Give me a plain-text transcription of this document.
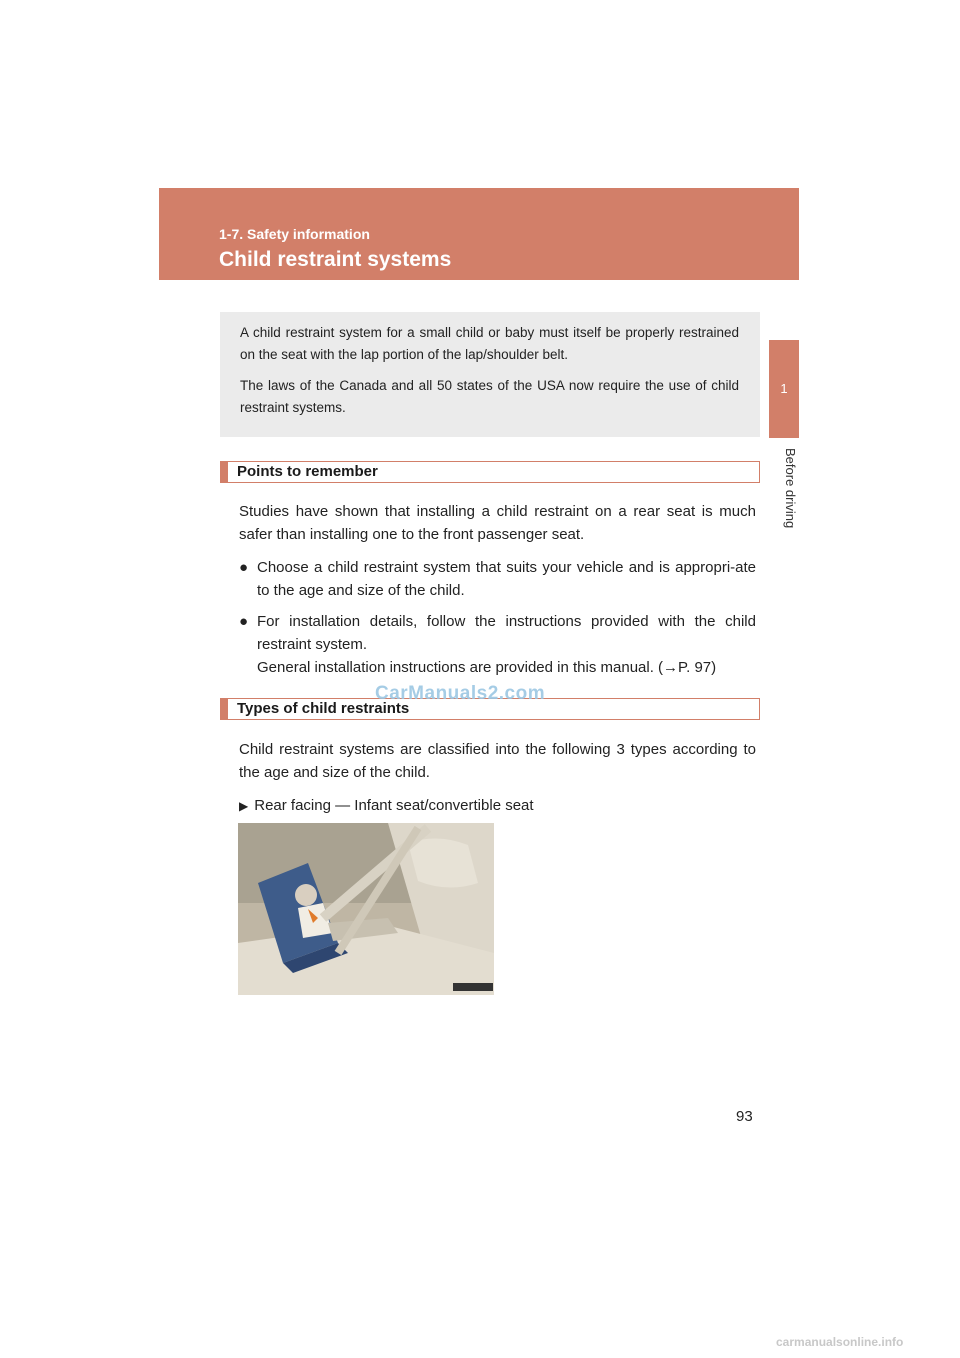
1-7. Safety information
Child restraint systems
1
Before driving

A child restraint system for a small child or baby must itself be properly restrained on the seat with the lap portion of the lap/shoulder belt.

The laws of the Canada and all 50 states of the USA now require the use of child restraint systems.

Points to remember

Studies have shown that installing a child restraint on a rear seat is much safer than installing one to the front passenger seat.

● Choose a child restraint system that suits your vehicle and is appropri-ate to the age and size of the child.
● For installation details, follow the instructions provided with the child restraint system.
General installation instructions are provided in this manual. (→P. 97)
Types of child restraints

Child restraint systems are classified into the following 3 types according to the age and size of the child.

▶ Rear facing — Infant seat/convertible seat
CarManuals2.com
93
carmanualsonline.info
